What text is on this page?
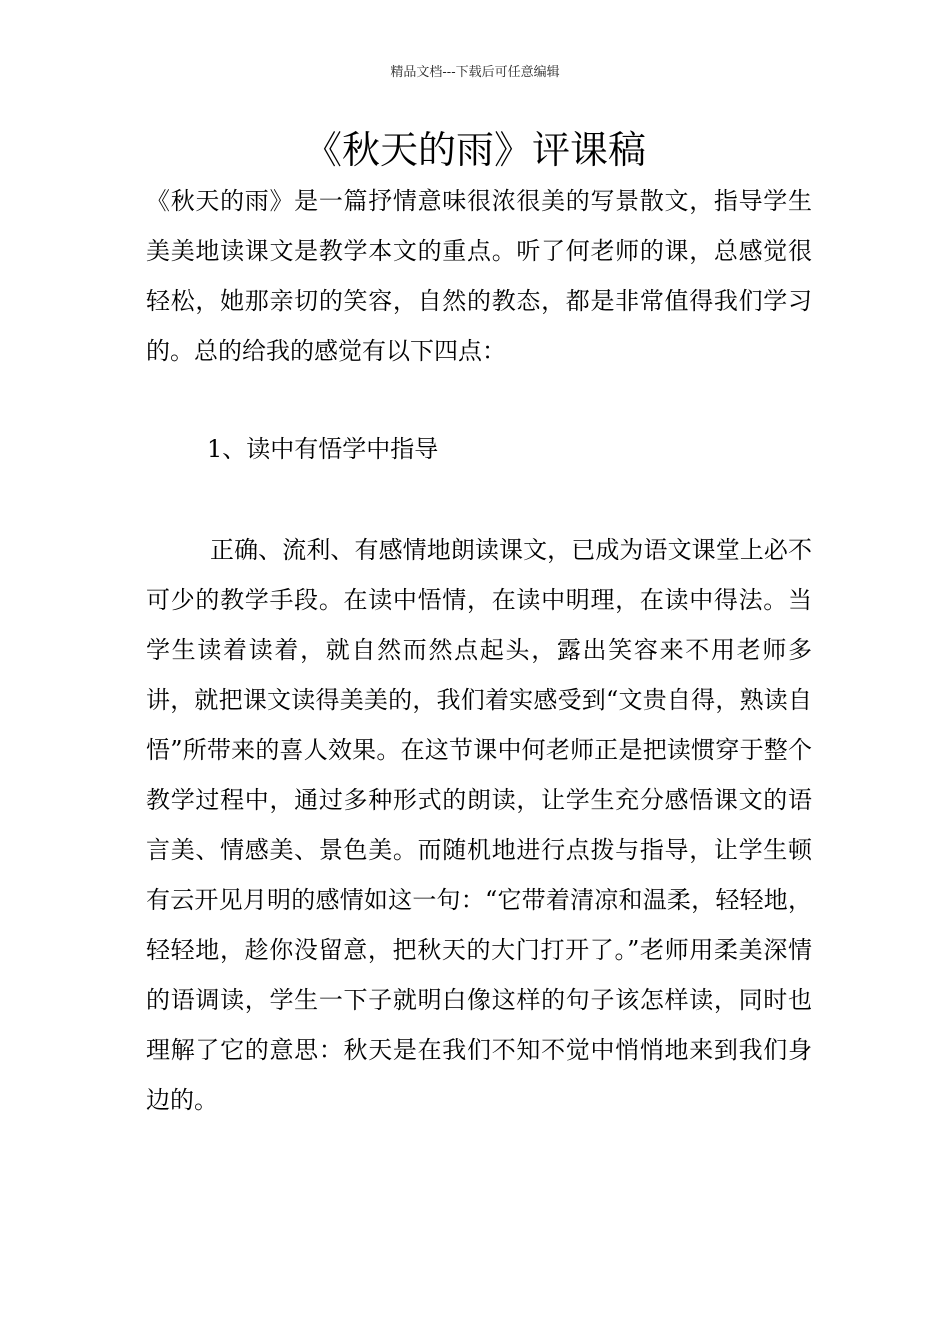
精品文档---下载后可任意编辑
《秋天的雨》评课稿

《秋天的雨》是一篇抒情意味很浓很美的写景散文，指导学生美美地读课文是教学本文的重点。听了何老师的课，总感觉很轻松，她那亲切的笑容，自然的教态，都是非常值得我们学习的。总的给我的感觉有以下四点：

1、读中有悟学中指导

正确、流利、有感情地朗读课文，已成为语文课堂上必不可少的教学手段。在读中悟情，在读中明理，在读中得法。当学生读着读着，就自然而然点起头，露出笑容来不用老师多讲，就把课文读得美美的，我们着实感受到“文贵自得，熟读自悟”所带来的喜人效果。在这节课中何老师正是把读惯穿于整个教学过程中，通过多种形式的朗读，让学生充分感悟课文的语言美、情感美、景色美。而随机地进行点拨与指导，让学生顿有云开见月明的感情如这一句：“它带着清凉和温柔，轻轻地，轻轻地，趁你没留意，把秋天的大门打开了。”老师用柔美深情的语调读，学生一下子就明白像这样的句子该怎样读，同时也理解了它的意思：秋天是在我们不知不觉中悄悄地来到我们身边的。
